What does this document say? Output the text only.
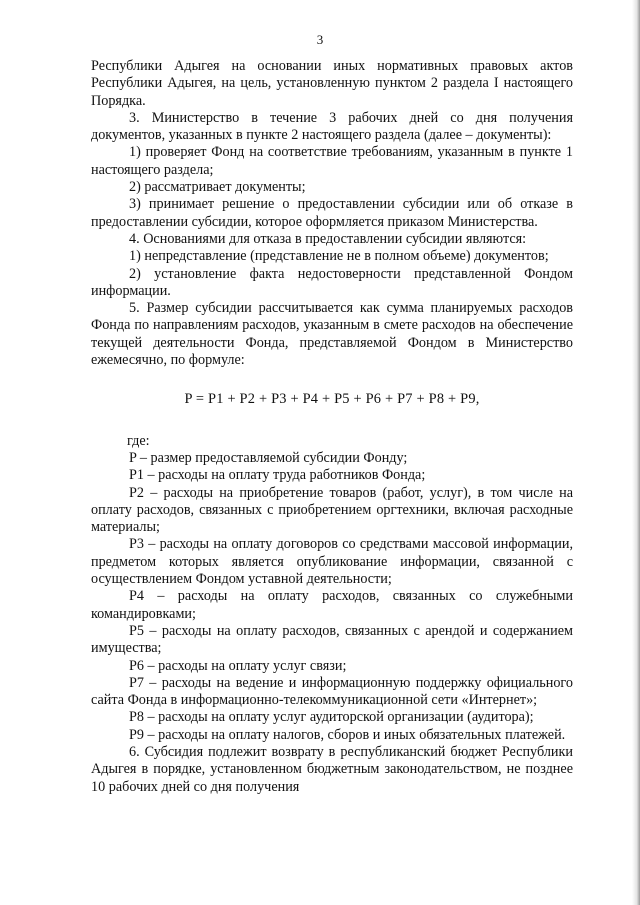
3

Республики Адыгея на основании иных нормативных правовых актов Республики Адыгея, на цель, установленную пунктом 2 раздела I настоящего Порядка.

3. Министерство в течение 3 рабочих дней со дня получения документов, указанных в пункте 2 настоящего раздела (далее – документы):

1) проверяет Фонд на соответствие требованиям, указанным в пункте 1 настоящего раздела;

2) рассматривает документы;

3) принимает решение о предоставлении субсидии или об отказе в предоставлении субсидии, которое оформляется приказом Министерства.

4. Основаниями для отказа в предоставлении субсидии являются:

1) непредставление (представление не в полном объеме) документов;

2) установление факта недостоверности представленной Фондом информации.

5. Размер субсидии рассчитывается как сумма планируемых расходов Фонда по направлениям расходов, указанным в смете расходов на обеспечение текущей деятельности Фонда, представляемой Фондом в Министерство ежемесячно, по формуле:

P = P1 + P2 + P3 + P4 + P5 + P6 + P7 + P8 + P9,

где:

P – размер предоставляемой субсидии Фонду;

P1 – расходы на оплату труда работников Фонда;

P2 – расходы на приобретение товаров (работ, услуг), в том числе на оплату расходов, связанных с приобретением оргтехники, включая расходные материалы;

P3 – расходы на оплату договоров со средствами массовой информации, предметом которых является опубликование информации, связанной с осуществлением Фондом уставной деятельности;

P4 – расходы на оплату расходов, связанных со служебными командировками;

P5 – расходы на оплату расходов, связанных с арендой и содержанием имущества;

P6 – расходы на оплату услуг связи;

P7 – расходы на ведение и информационную поддержку официального сайта Фонда в информационно-телекоммуникационной сети «Интернет»;

P8 – расходы на оплату услуг аудиторской организации (аудитора);

P9 – расходы на оплату налогов, сборов и иных обязательных платежей.

6. Субсидия подлежит возврату в республиканский бюджет Республики Адыгея в порядке, установленном бюджетным законодательством, не позднее 10 рабочих дней со дня получения
